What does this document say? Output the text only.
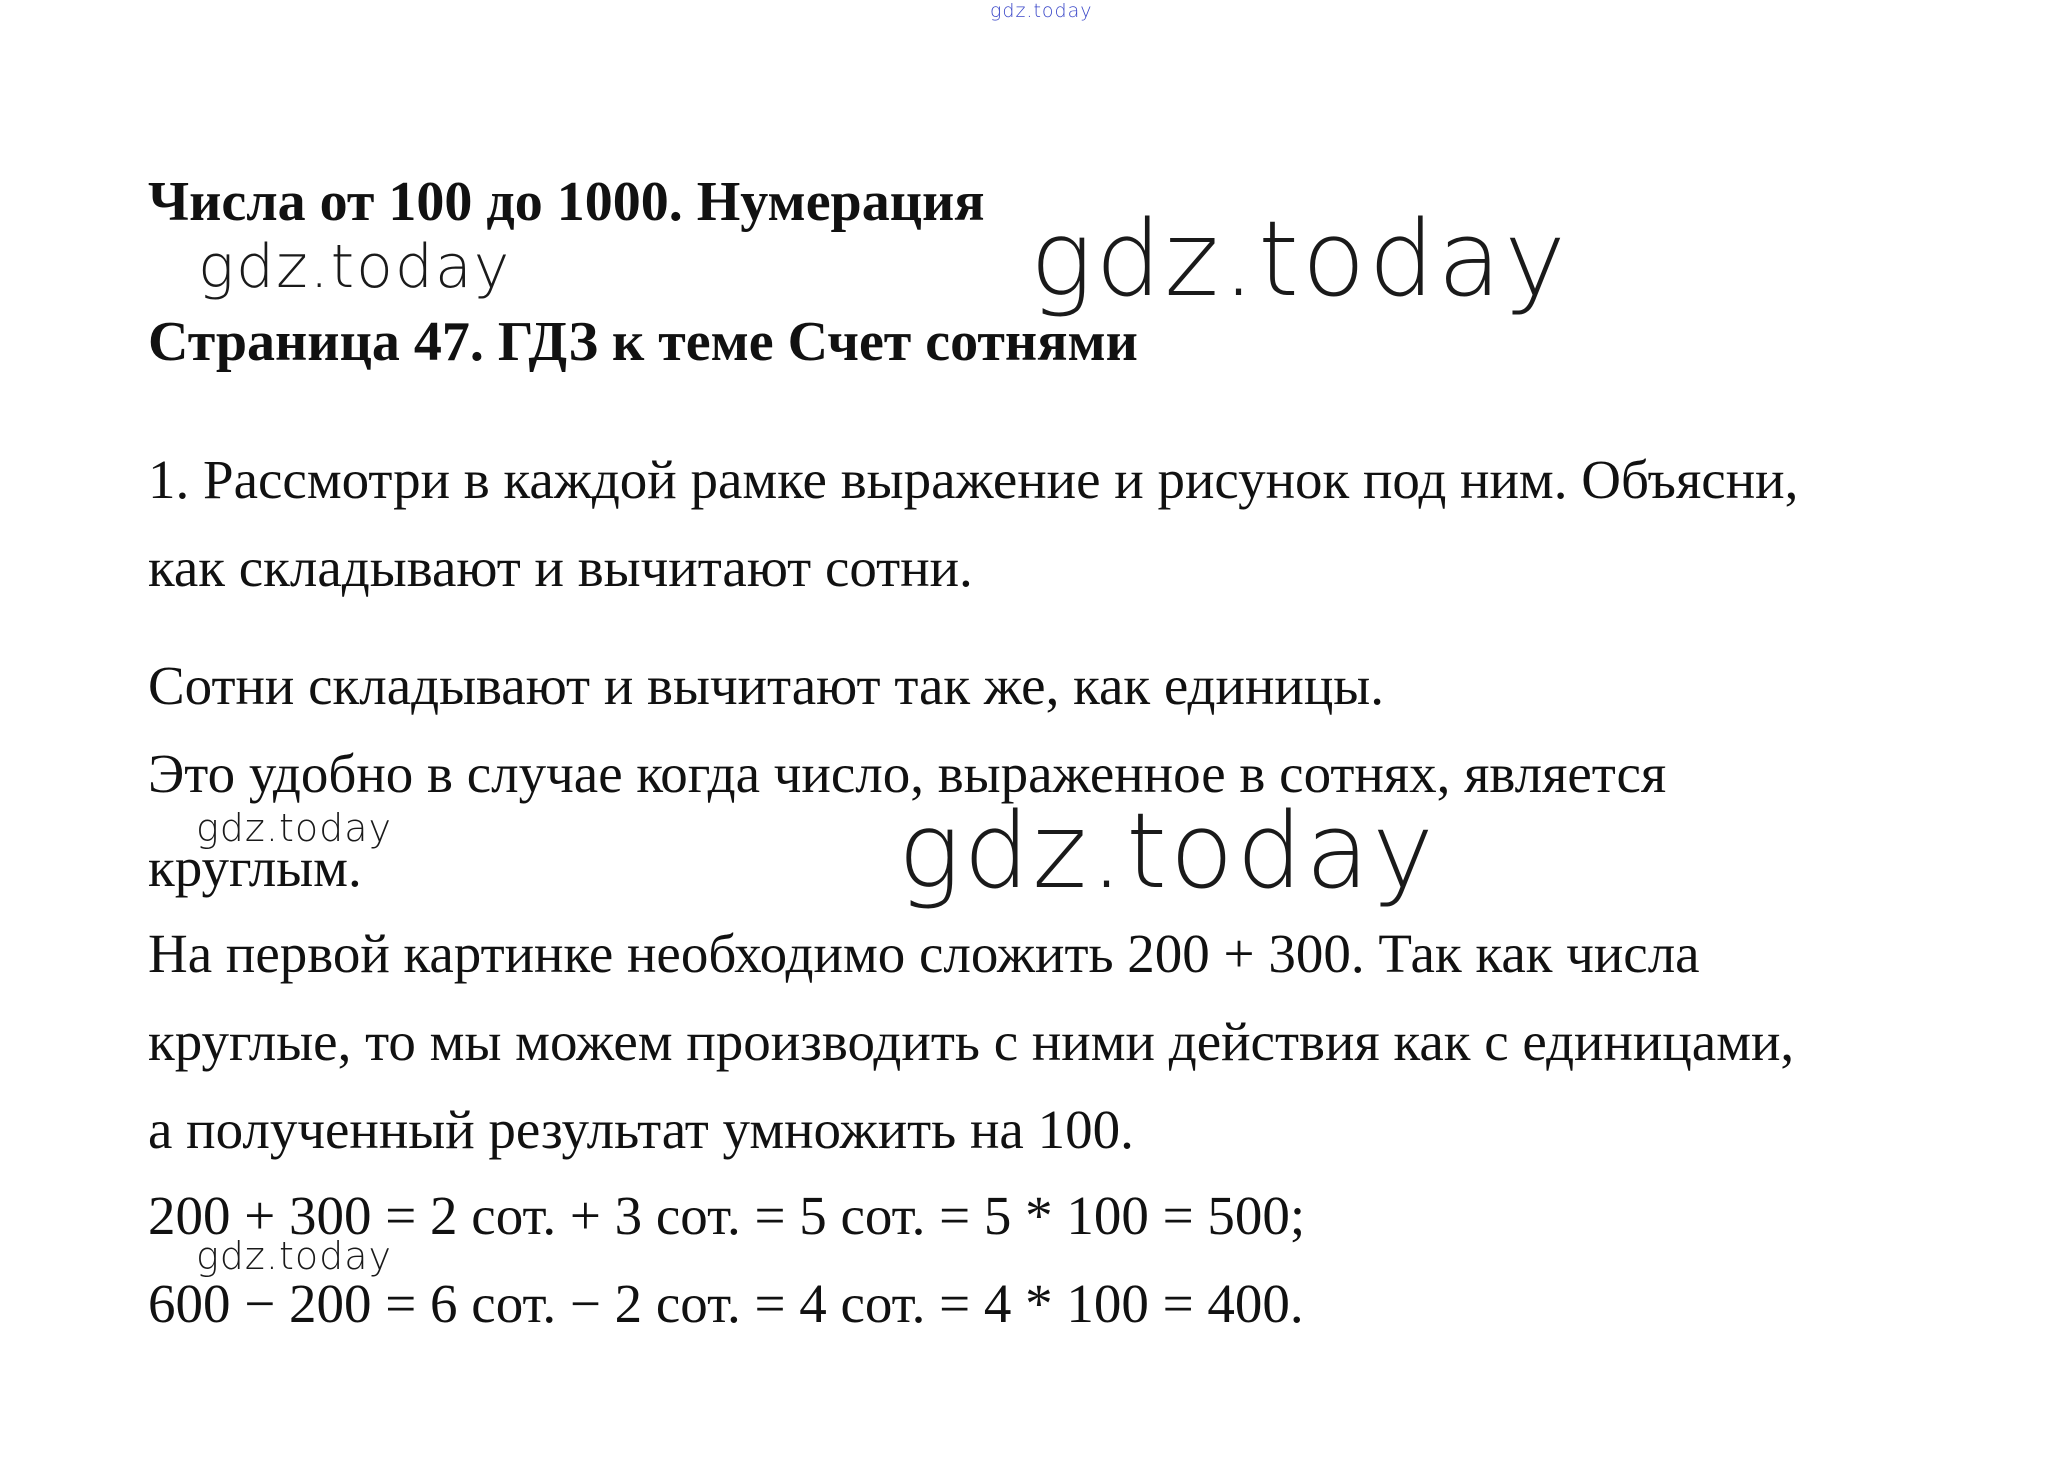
gdz.today
Числа от 100 до 1000. Нумерация
gdz.today	gdz.today
Страница 47. ГДЗ к теме Счет сотнями
1. Рассмотри в каждой рамке выражение и рисунок под ним. Объясни,
как складывают и вычитают сотни.
Сотни складывают и вычитают так же, как единицы.
Это удобно в случае когда число, выраженное в сотнях, является
gdz.today
круглым.	gdz.today
На первой картинке необходимо сложить 200 + 300. Так как числа
круглые, то мы можем производить с ними действия как с единицами,
а полученный результат умножить на 100.
200 + 300 = 2 сот. + 3 сот. = 5 сот. = 5 * 100 = 500;
gdz.today
600 − 200 = 6 сот. − 2 сот. = 4 сот. = 4 * 100 = 400.
